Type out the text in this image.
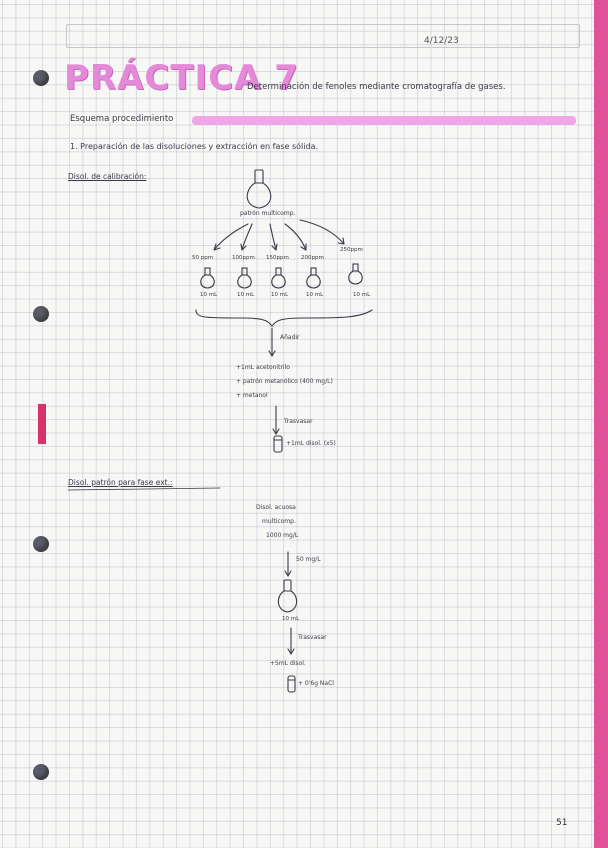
4/12/23
PRÁCTICA 7
Determinación de fenoles mediante cromatografía de gases.
Esquema procedimiento
1. Preparación de las disoluciones y extracción en fase sólida.
Disol. de calibración:
patrón multicomp.
50 ppm	100ppm 150ppm 200ppm
250ppm
10 mL	10 mL	10 mL	10 mL	10 mL
Añadir
+1mL acetonitrilo
+ patrón metanólico (400 mg/L)
+ metanol
Trasvasar
+1mL disol. (x5)
Disol. patrón para fase ext.:
Disol. acuosa
multicomp.
1000 mg/L
50 mg/L
10 mL
Trasvasar
+5mL disol.
+ 0'6g NaCl
51
